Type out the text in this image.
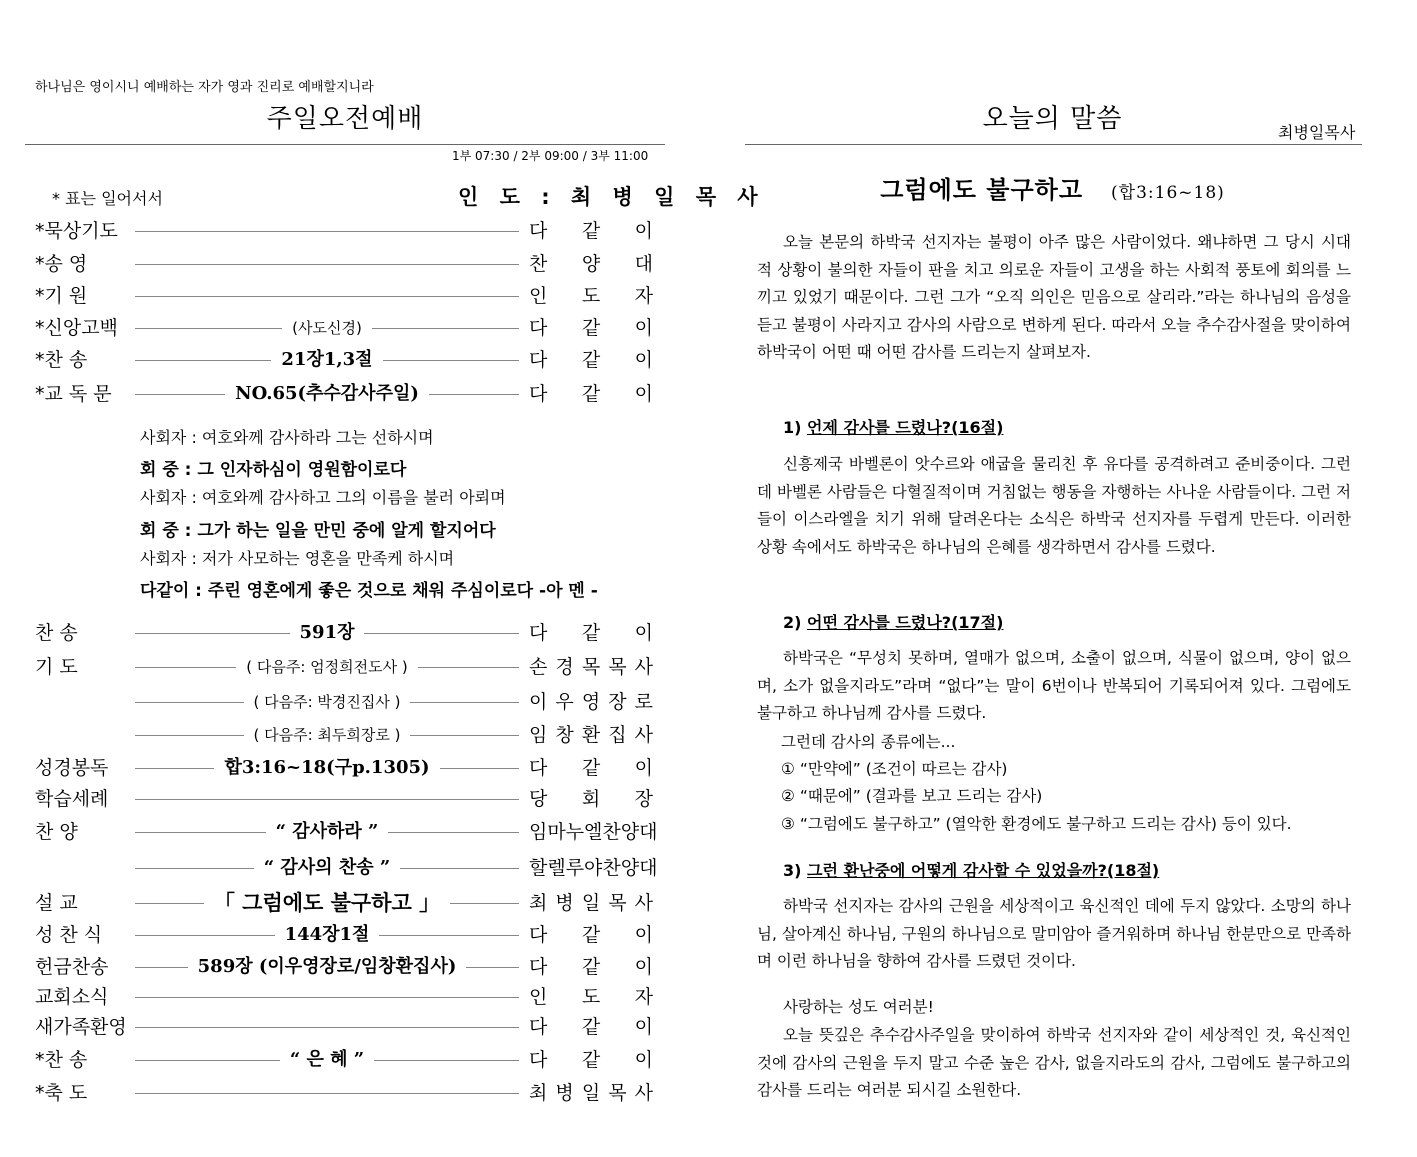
하나님은 영이시니 예배하는 자가 영과 진리로 예배할지니라
주일오전예배
1부 07:30 / 2부 09:00 / 3부 11:00
* 표는 일어서서	인 도 : 최 병 일 목 사
*묵상기도	다 같 이
*송 영	찬 양 대
*기 원	인 도 자
*신앙고백	(사도신경)	다 같 이
*찬 송	21장1,3절	다 같 이
*교 독 문	NO.65(추수감사주일)	다 같 이
사회자 : 여호와께 감사하라 그는 선하시며
회 중 : 그 인자하심이 영원함이로다
사회자 : 여호와께 감사하고 그의 이름을 불러 아뢰며
회 중 : 그가 하는 일을 만민 중에 알게 할지어다
사회자 : 저가 사모하는 영혼을 만족케 하시며
다같이 : 주린 영혼에게 좋은 것으로 채워 주심이로다 -아 멘 -
찬 송	591장	다 같 이
기 도	( 다음주: 엄정희전도사 )	손 경 목 목 사
( 다음주: 박경진집사 )	이 우 영 장 로
( 다음주: 최두희장로 )	임 창 환 집 사
성경봉독	합3:16~18(구p.1305)	다 같 이
학습세례	당 회 장
찬 양	“ 감사하라 ”	임마누엘찬양대
“ 감사의 찬송 ”	할렐루야찬양대
설 교	「 그럼에도 불구하고 」	최 병 일 목 사
성 찬 식	144장1절	다 같 이
헌금찬송	589장 (이우영장로/임창환집사)	다 같 이
교회소식	인 도 자
새가족환영	다 같 이
*찬 송	“ 은 혜 ”	다 같 이
*축 도	최 병 일 목 사
오늘의 말씀	최병일목사
그럼에도 불구하고 (합3:16~18)
오늘 본문의 하박국 선지자는 불평이 아주 많은 사람이었다. 왜냐하면 그 당시 시대적 상황이 불의한 자들이 판을 치고 의로운 자들이 고생을 하는 사회적 풍토에 회의를 느끼고 있었기 때문이다. 그런 그가 “오직 의인은 믿음으로 살리라.”라는 하나님의 음성을 듣고 불평이 사라지고 감사의 사람으로 변하게 된다. 따라서 오늘 추수감사절을 맞이하여 하박국이 어떤 때 어떤 감사를 드리는지 살펴보자.
1) 언제 감사를 드렸나?(16절)
신흥제국 바벨론이 앗수르와 애굽을 물리친 후 유다를 공격하려고 준비중이다. 그런데 바벨론 사람들은 다혈질적이며 거침없는 행동을 자행하는 사나운 사람들이다. 그런 저들이 이스라엘을 치기 위해 달려온다는 소식은 하박국 선지자를 두렵게 만든다. 이러한 상황 속에서도 하박국은 하나님의 은혜를 생각하면서 감사를 드렸다.
2) 어떤 감사를 드렸나?(17절)
하박국은 “무성치 못하며, 열매가 없으며, 소출이 없으며, 식물이 없으며, 양이 없으며, 소가 없을지라도”라며 “없다”는 말이 6번이나 반복되어 기록되어져 있다. 그럼에도 불구하고 하나님께 감사를 드렸다.
그런데 감사의 종류에는...
① “만약에” (조건이 따르는 감사)
② “때문에” (결과를 보고 드리는 감사)
③ “그럼에도 불구하고” (열악한 환경에도 불구하고 드리는 감사) 등이 있다.
3) 그런 환난중에 어떻게 감사할 수 있었을까?(18절)
하박국 선지자는 감사의 근원을 세상적이고 육신적인 데에 두지 않았다. 소망의 하나님, 살아계신 하나님, 구원의 하나님으로 말미암아 즐거워하며 하나님 한분만으로 만족하며 이런 하나님을 향하여 감사를 드렸던 것이다.
사랑하는 성도 여러분!
오늘 뜻깊은 추수감사주일을 맞이하여 하박국 선지자와 같이 세상적인 것, 육신적인 것에 감사의 근원을 두지 말고 수준 높은 감사, 없을지라도의 감사, 그럼에도 불구하고의 감사를 드리는 여러분 되시길 소원한다.
